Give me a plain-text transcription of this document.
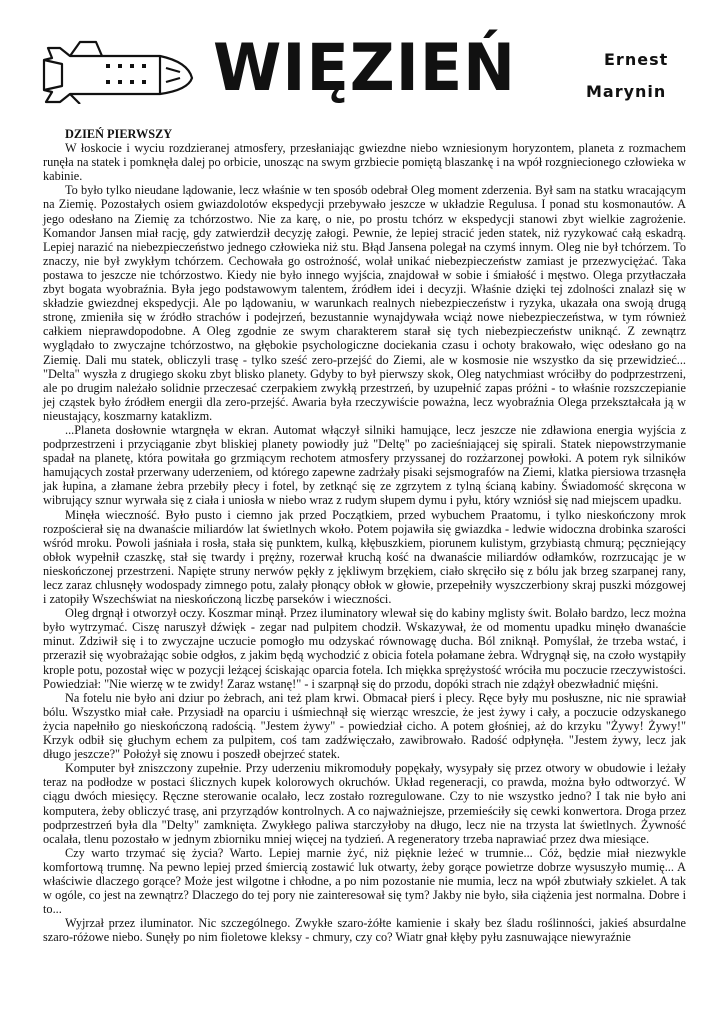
WIĘZIEŃ	Ernest
Marynin
DZIEŃ PIERWSZY

W łoskocie i wyciu rozdzieranej atmosfery, przesłaniając gwiezdne niebo wzniesionym horyzontem, planeta z rozmachem runęła na statek i pomknęła dalej po orbicie, unosząc na swym grzbiecie pomiętą blaszankę i na wpół rozgniecionego człowieka w kabinie.

To było tylko nieudane lądowanie, lecz właśnie w ten sposób odebrał Oleg moment zderzenia. Był sam na statku wracającym na Ziemię. Pozostałych osiem gwiazdolotów ekspedycji przebywało jeszcze w układzie Regulusa. I ponad stu kosmonautów. A jego odesłano na Ziemię za tchórzostwo. Nie za karę, o nie, po prostu tchórz w ekspedycji stanowi zbyt wielkie zagrożenie. Komandor Jansen miał rację, gdy zatwierdził decyzję załogi. Pewnie, że lepiej stracić jeden statek, niż ryzykować całą eskadrą. Lepiej narazić na niebezpieczeństwo jednego człowieka niż stu. Błąd Jansena polegał na czymś innym. Oleg nie był tchórzem. To znaczy, nie był zwykłym tchórzem. Cechowała go ostrożność, wolał unikać niebezpieczeństw zamiast je przezwyciężać. Taka postawa to jeszcze nie tchórzostwo. Kiedy nie było innego wyjścia, znajdował w sobie i śmiałość i męstwo. Olega przytłaczała zbyt bogata wyobraźnia. Była jego podstawowym talentem, źródłem idei i decyzji. Właśnie dzięki tej zdolności znalazł się w składzie gwiezdnej ekspedycji. Ale po lądowaniu, w warunkach realnych niebezpieczeństw i ryzyka, ukazała ona swoją drugą stronę, zmieniła się w źródło strachów i podejrzeń, bezustannie wynajdywała wciąż nowe niebezpieczeństwa, w tym również całkiem nieprawdopodobne. A Oleg zgodnie ze swym charakterem starał się tych niebezpieczeństw uniknąć. Z zewnątrz wyglądało to zwyczajne tchórzostwo, na głębokie psychologiczne dociekania czasu i ochoty brakowało, więc odesłano go na Ziemię. Dali mu statek, obliczyli trasę - tylko sześć zero-przejść do Ziemi, ale w kosmosie nie wszystko da się przewidzieć... "Delta" wyszła z drugiego skoku zbyt blisko planety. Gdyby to był pierwszy skok, Oleg natychmiast wróciłby do podprzestrzeni, ale po drugim należało solidnie przeczesać czerpakiem zwykłą przestrzeń, by uzupełnić zapas próżni - to właśnie rozszczepianie jej cząstek było źródłem energii dla zero-przejść. Awaria była rzeczywiście poważna, lecz wyobraźnia Olega przekształcała ją w nieustający, koszmarny kataklizm.

...Planeta dosłownie wtargnęła w ekran. Automat włączył silniki hamujące, lecz jeszcze nie zdławiona energia wyjścia z podprzestrzeni i przyciąganie zbyt bliskiej planety powiodły już "Deltę" po zacieśniającej się spirali. Statek niepowstrzymanie spadał na planetę, która powitała go grzmiącym rechotem atmosfery przyssanej do rozżarzonej powłoki. A potem ryk silników hamujących został przerwany uderzeniem, od którego zapewne zadrżały pisaki sejsmografów na Ziemi, klatka piersiowa trzasnęła jak łupina, a złamane żebra przebiły płecy i fotel, by zetknąć się ze zgrzytem z tylną ścianą kabiny. Świadomość skręcona w wibrujący sznur wyrwała się z ciała i uniosła w niebo wraz z rudym słupem dymu i pyłu, który wzniósł się nad miejscem upadku.

Minęła wieczność. Było pusto i ciemno jak przed Początkiem, przed wybuchem Praatomu, i tylko nieskończony mrok rozpościerał się na dwanaście miliardów lat świetlnych wkoło. Potem pojawiła się gwiazdka - ledwie widoczna drobinka szarości wśród mroku. Powoli jaśniała i rosła, stała się punktem, kulką, kłębuszkiem, piorunem kulistym, grzybiastą chmurą; pęczniejący obłok wypełnił czaszkę, stał się twardy i prężny, rozerwał kruchą kość na dwanaście miliardów odłamków, rozrzucając je w nieskończonej przestrzeni. Napięte struny nerwów pękły z jękliwym brzękiem, ciało skręciło się z bólu jak brzeg szarpanej rany, lecz zaraz chlusnęły wodospady zimnego potu, zalały płonący obłok w głowie, przepełniły wyszczerbiony skraj puszki mózgowej i zatopiły Wszechświat na nieskończoną liczbę parseków i wieczności.

Oleg drgnął i otworzył oczy. Koszmar minął. Przez iluminatory wlewał się do kabiny mglisty świt. Bolało bardzo, lecz można było wytrzymać. Ciszę naruszył dźwięk - zegar nad pulpitem chodził. Wskazywał, że od momentu upadku minęło dwanaście minut. Zdziwił się i to zwyczajne uczucie pomogło mu odzyskać równowagę ducha. Ból zniknął. Pomyślał, że trzeba wstać, i przeraził się wyobrażając sobie odgłos, z jakim będą wychodzić z obicia fotela połamane żebra. Wdrygnął się, na czoło wystąpiły krople potu, pozostał więc w pozycji leżącej ściskając oparcia fotela. Ich miękka sprężystość wróciła mu poczucie rzeczywistości. Powiedział: "Nie wierzę w te zwidy! Zaraz wstanę!" - i szarpnął się do przodu, dopóki strach nie zdążył obezwładnić mięśni.

Na fotelu nie było ani dziur po żebrach, ani też plam krwi. Obmacał pierś i plecy. Ręce były mu posłuszne, nic nie sprawiał bólu. Wszystko miał całe. Przysiadł na oparciu i uśmiechnął się wierząc wreszcie, że jest żywy i cały, a poczucie odzyskanego życia napełniło go nieskończoną radością. "Jestem żywy" - powiedział cicho. A potem głośniej, aż do krzyku "Żywy! Żywy!" Krzyk odbił się głuchym echem za pulpitem, coś tam zadźwięczało, zawibrowało. Radość odpłynęła. "Jestem żywy, lecz jak długo jeszcze?" Położył się znowu i poszedł obejrzeć statek.

Komputer był zniszczony zupełnie. Przy uderzeniu mikromoduły popękały, wysypały się przez otwory w obudowie i leżały teraz na podłodze w postaci ślicznych kupek kolorowych okruchów. Układ regeneracji, co prawda, można było odtworzyć. W ciągu dwóch miesięcy. Ręczne sterowanie ocalało, lecz zostało rozregulowane. Czy to nie wszystko jedno? I tak nie było ani komputera, żeby obliczyć trasę, ani przyrządów kontrolnych. A co najważniejsze, przemieściły się cewki konwertora. Droga przez podprzestrzeń była dla "Delty" zamknięta. Zwykłego paliwa starczyłoby na długo, lecz nie na trzysta lat świetlnych. Żywność ocalała, tlenu pozostało w jednym zbiorniku mniej więcej na tydzień. A regeneratory trzeba naprawiać przez dwa miesiące.

Czy warto trzymać się życia? Warto. Lepiej marnie żyć, niż pięknie leżeć w trumnie... Cóż, będzie miał niezwykle komfortową trumnę. Na pewno lepiej przed śmiercią zostawić luk otwarty, żeby gorące powietrze dobrze wysuszyło mumię... A właściwie dlaczego gorące? Może jest wilgotne i chłodne, a po nim pozostanie nie mumia, lecz na wpół zbutwiały szkielet. A tak w ogóle, co jest na zewnątrz? Dlaczego do tej pory nie zainteresował się tym? Jakby nie było, siła ciążenia jest normalna. Dobre i to...

Wyjrzał przez iluminator. Nic szczególnego. Zwykłe szaro-żółte kamienie i skały bez śladu roślinności, jakieś absurdalne szaro-różowe niebo. Sunęły po nim fioletowe kleksy - chmury, czy co? Wiatr gnał kłęby pyłu zasnuwające niewyraźnie
